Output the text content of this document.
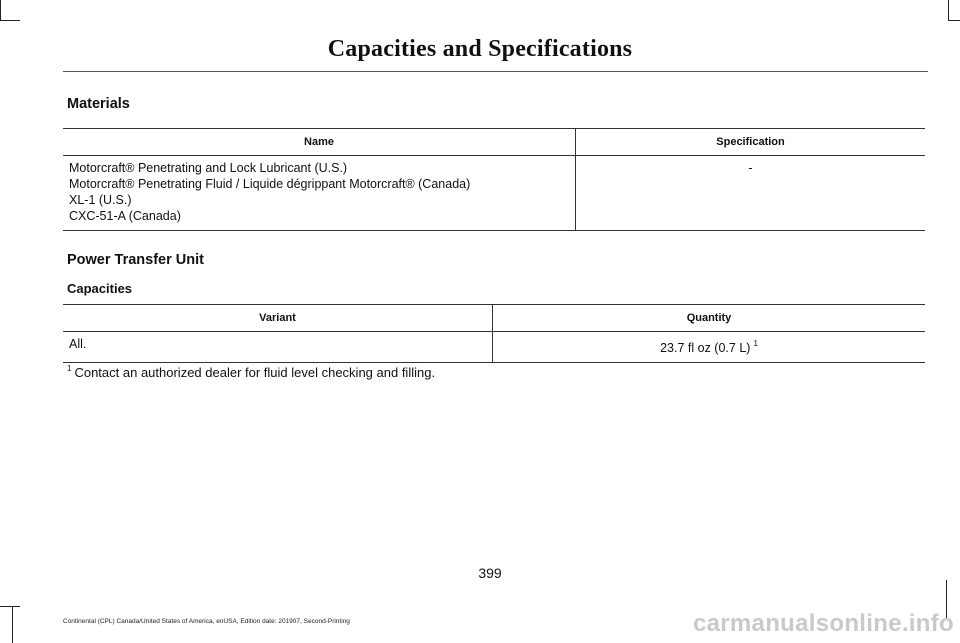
Capacities and Specifications
Materials
Name	Specification

Motorcraft® Penetrating and Lock Lubricant (U.S.)
Motorcraft® Penetrating Fluid / Liquide dégrippant Motorcraft® (Canada)
XL-1 (U.S.)
CXC-51-A (Canada)	-
Power Transfer Unit
Capacities
Variant	Quantity
All.	23.7 fl oz (0.7 L) $^1$
$^1$ Contact an authorized dealer for fluid level checking and filling.
399
Continental (CPL) Canada/United States of America, enUSA, Edition date: 201907, Second-Printing	carmanualsonline.info
